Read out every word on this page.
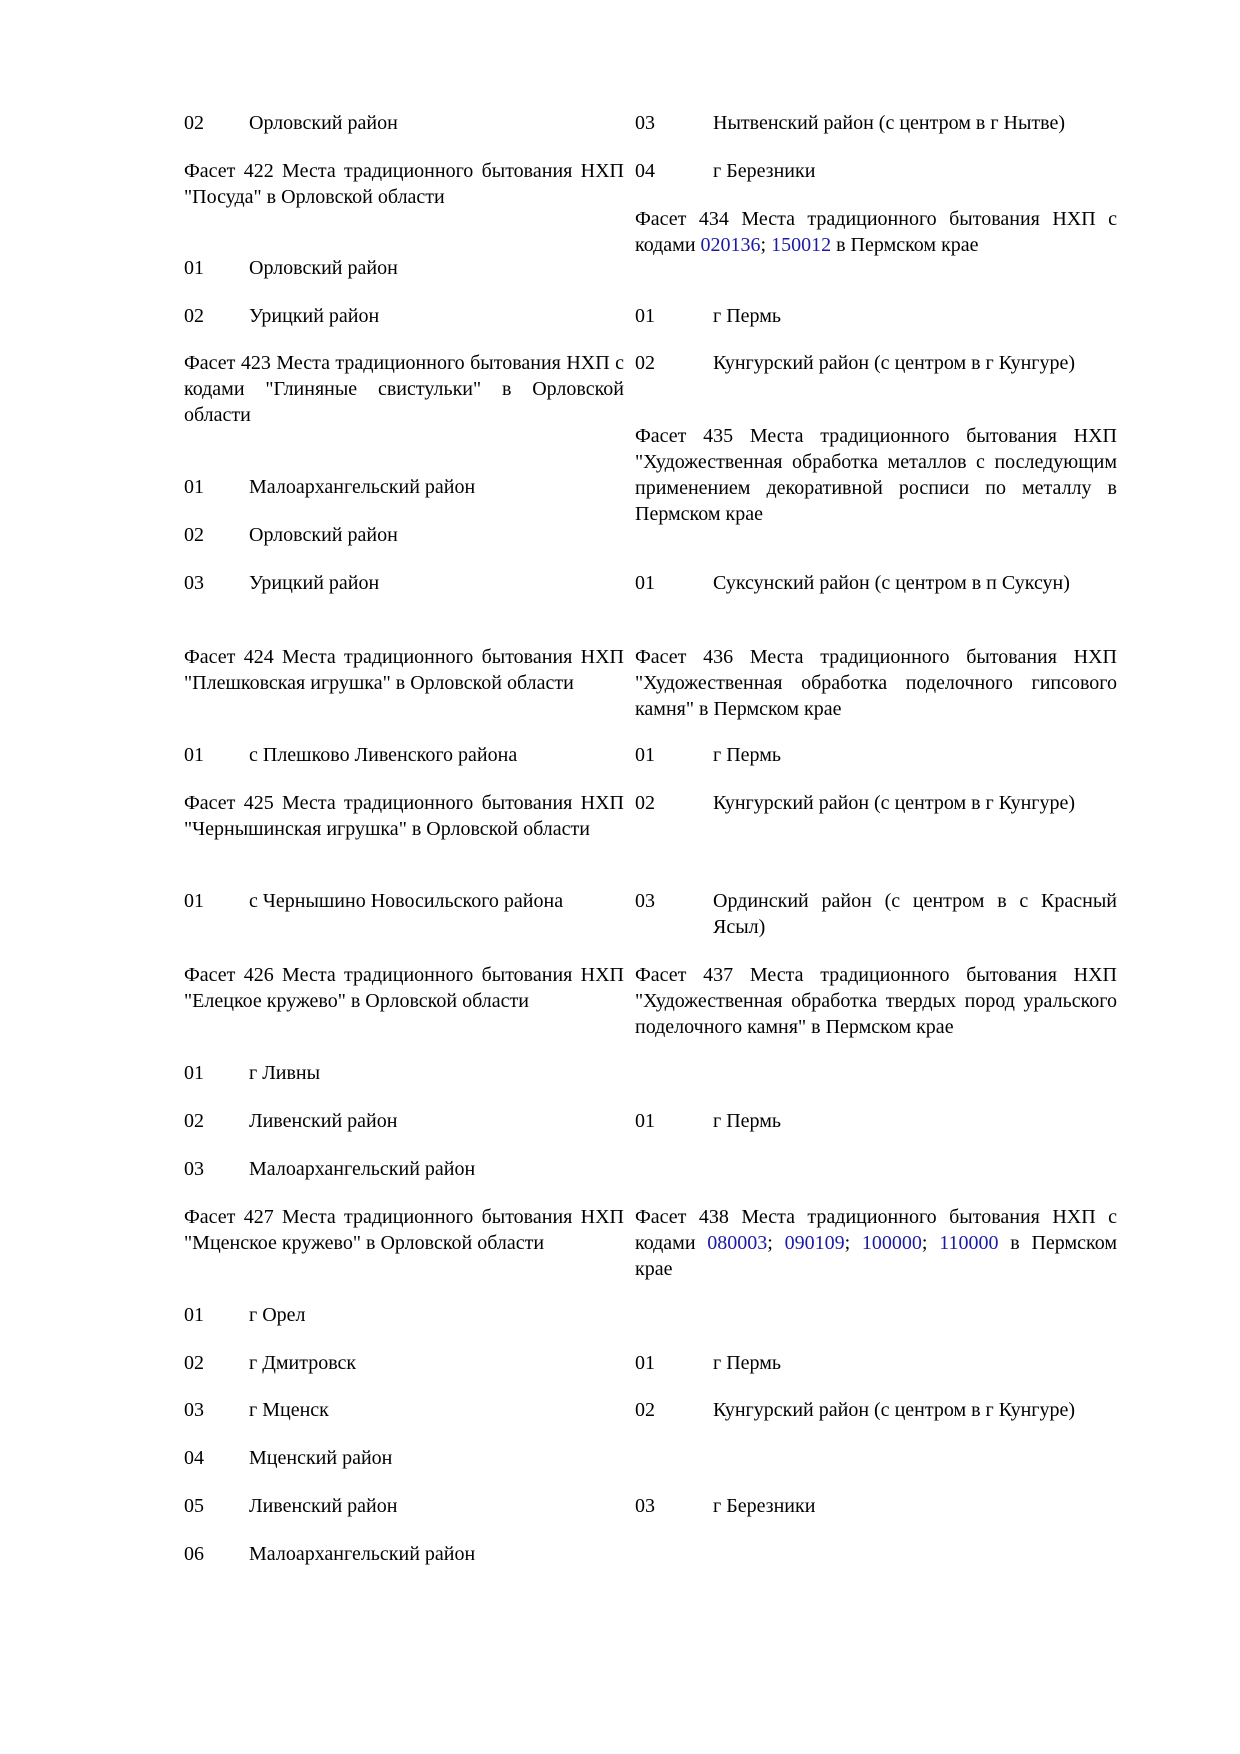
02	Орловский район
Фасет 422 Места традиционного бытования НХП "Посуда" в Орловской области
01	Орловский район
02	Урицкий район
Фасет 423 Места традиционного бытования НХП с кодами "Глиняные свистульки" в Орловской области
01	Малоархангельский район
02	Орловский район
03	Урицкий район
Фасет 424 Места традиционного бытования НХП "Плешковская игрушка" в Орловской области
01	с Плешково Ливенского района
Фасет 425 Места традиционного бытования НХП "Чернышинская игрушка" в Орловской области
01	с Чернышино Новосильского района
Фасет 426 Места традиционного бытования НХП "Елецкое кружево" в Орловской области
01	г Ливны
02	Ливенский район
03	Малоархангельский район
Фасет 427 Места традиционного бытования НХП "Мценское кружево" в Орловской области
01	г Орел
02	г Дмитровск
03	г Мценск
04	Мценский район
05	Ливенский район
06	Малоархангельский район
03	Нытвенский район (с центром в г Нытве)
04	г Березники
Фасет 434 Места традиционного бытования НХП с кодами 020136; 150012 в Пермском крае
01	г Пермь
02	Кунгурский район (с центром в г Кунгуре)
Фасет 435 Места традиционного бытования НХП "Художественная обработка металлов с последующим применением декоративной росписи по металлу в Пермском крае
01	Суксунский район (с центром в п Суксун)
Фасет 436 Места традиционного бытования НХП "Художественная обработка поделочного гипсового камня" в Пермском крае
01	г Пермь
02	Кунгурский район (с центром в г Кунгуре)
03	Ординский район (с центром в с Красный Ясыл)
Фасет 437 Места традиционного бытования НХП "Художественная обработка твердых пород уральского поделочного камня" в Пермском крае
01	г Пермь
Фасет 438 Места традиционного бытования НХП с кодами 080003; 090109; 100000; 110000 в Пермском крае
01	г Пермь
02	Кунгурский район (с центром в г Кунгуре)
03	г Березники
